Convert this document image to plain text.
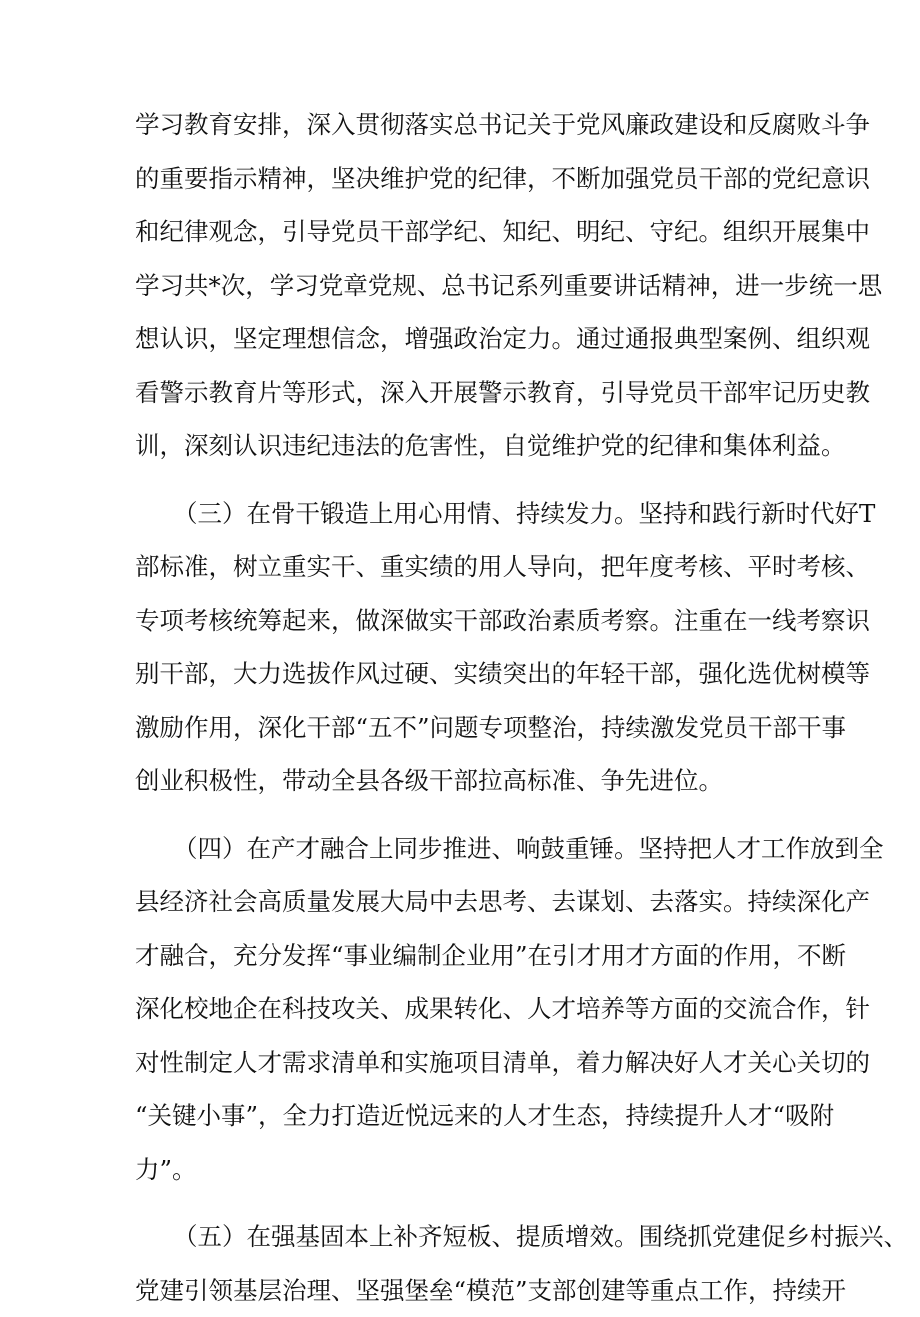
学习教育安排，深入贯彻落实总书记关于党风廉政建设和反腐败斗争
的重要指示精神，坚决维护党的纪律，不断加强党员干部的党纪意识
和纪律观念，引导党员干部学纪、知纪、明纪、守纪。组织开展集中
学习共*次，学习党章党规、总书记系列重要讲话精神，进一步统一思
想认识，坚定理想信念，增强政治定力。通过通报典型案例、组织观
看警示教育片等形式，深入开展警示教育，引导党员干部牢记历史教
训，深刻认识违纪违法的危害性，自觉维护党的纪律和集体利益。
（三）在骨干锻造上用心用情、持续发力。坚持和践行新时代好T
部标准，树立重实干、重实绩的用人导向，把年度考核、平时考核、
专项考核统筹起来，做深做实干部政治素质考察。注重在一线考察识
别干部，大力选拔作风过硬、实绩突出的年轻干部，强化选优树模等
激励作用，深化干部“五不”问题专项整治，持续激发党员干部干事
创业积极性，带动全县各级干部拉高标准、争先进位。
（四）在产才融合上同步推进、响鼓重锤。坚持把人才工作放到全
县经济社会高质量发展大局中去思考、去谋划、去落实。持续深化产
才融合，充分发挥“事业编制企业用”在引才用才方面的作用，不断
深化校地企在科技攻关、成果转化、人才培养等方面的交流合作，针
对性制定人才需求清单和实施项目清单，着力解决好人才关心关切的
“关键小事”，全力打造近悦远来的人才生态，持续提升人才“吸附
力”。
（五）在强基固本上补齐短板、提质增效。围绕抓党建促乡村振兴、
党建引领基层治理、坚强堡垒“模范”支部创建等重点工作，持续开
